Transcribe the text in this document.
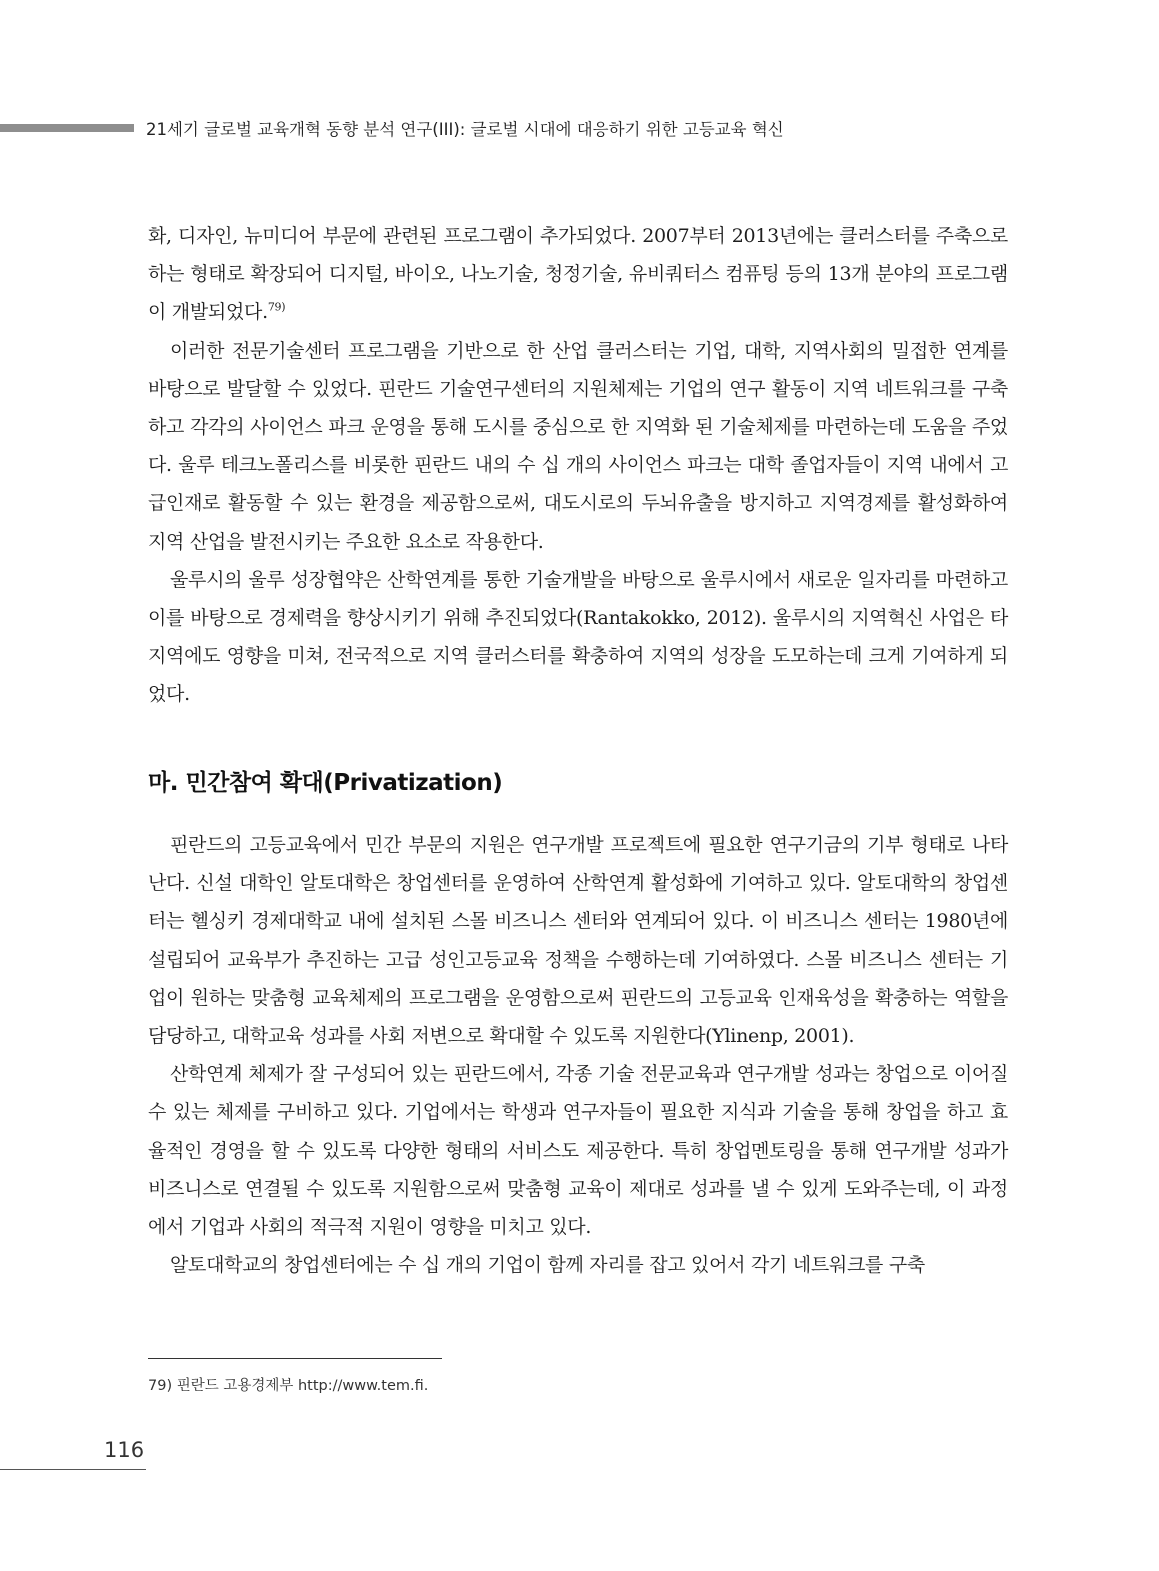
21세기 글로벌 교육개혁 동향 분석 연구(III): 글로벌 시대에 대응하기 위한 고등교육 혁신

화, 디자인, 뉴미디어 부문에 관련된 프로그램이 추가되었다. 2007부터 2013년에는 클러스터를 주축으로 하는 형태로 확장되어 디지털, 바이오, 나노기술, 청정기술, 유비쿼터스 컴퓨팅 등의 13개 분야의 프로그램이 개발되었다.$^{79)}$

이러한 전문기술센터 프로그램을 기반으로 한 산업 클러스터는 기업, 대학, 지역사회의 밀접한 연계를 바탕으로 발달할 수 있었다. 핀란드 기술연구센터의 지원체제는 기업의 연구 활동이 지역 네트워크를 구축하고 각각의 사이언스 파크 운영을 통해 도시를 중심으로 한 지역화 된 기술체제를 마련하는데 도움을 주었다. 울루 테크노폴리스를 비롯한 핀란드 내의 수 십 개의 사이언스 파크는 대학 졸업자들이 지역 내에서 고급인재로 활동할 수 있는 환경을 제공함으로써, 대도시로의 두뇌유출을 방지하고 지역경제를 활성화하여 지역 산업을 발전시키는 주요한 요소로 작용한다.

울루시의 울루 성장협약은 산학연계를 통한 기술개발을 바탕으로 울루시에서 새로운 일자리를 마련하고 이를 바탕으로 경제력을 향상시키기 위해 추진되었다(Rantakokko, 2012). 울루시의 지역혁신 사업은 타 지역에도 영향을 미쳐, 전국적으로 지역 클러스터를 확충하여 지역의 성장을 도모하는데 크게 기여하게 되었다.

마. 민간참여 확대(Privatization)

핀란드의 고등교육에서 민간 부문의 지원은 연구개발 프로젝트에 필요한 연구기금의 기부 형태로 나타난다. 신설 대학인 알토대학은 창업센터를 운영하여 산학연계 활성화에 기여하고 있다. 알토대학의 창업센터는 헬싱키 경제대학교 내에 설치된 스몰 비즈니스 센터와 연계되어 있다. 이 비즈니스 센터는 1980년에 설립되어 교육부가 추진하는 고급 성인고등교육 정책을 수행하는데 기여하였다. 스몰 비즈니스 센터는 기업이 원하는 맞춤형 교육체제의 프로그램을 운영함으로써 핀란드의 고등교육 인재육성을 확충하는 역할을 담당하고, 대학교육 성과를 사회 저변으로 확대할 수 있도록 지원한다(Ylinenp, 2001).

산학연계 체제가 잘 구성되어 있는 핀란드에서, 각종 기술 전문교육과 연구개발 성과는 창업으로 이어질 수 있는 체제를 구비하고 있다. 기업에서는 학생과 연구자들이 필요한 지식과 기술을 통해 창업을 하고 효율적인 경영을 할 수 있도록 다양한 형태의 서비스도 제공한다. 특히 창업멘토링을 통해 연구개발 성과가 비즈니스로 연결될 수 있도록 지원함으로써 맞춤형 교육이 제대로 성과를 낼 수 있게 도와주는데, 이 과정에서 기업과 사회의 적극적 지원이 영향을 미치고 있다.

알토대학교의 창업센터에는 수 십 개의 기업이 함께 자리를 잡고 있어서 각기 네트워크를 구축

79) 핀란드 고용경제부 http://www.tem.fi.
116
